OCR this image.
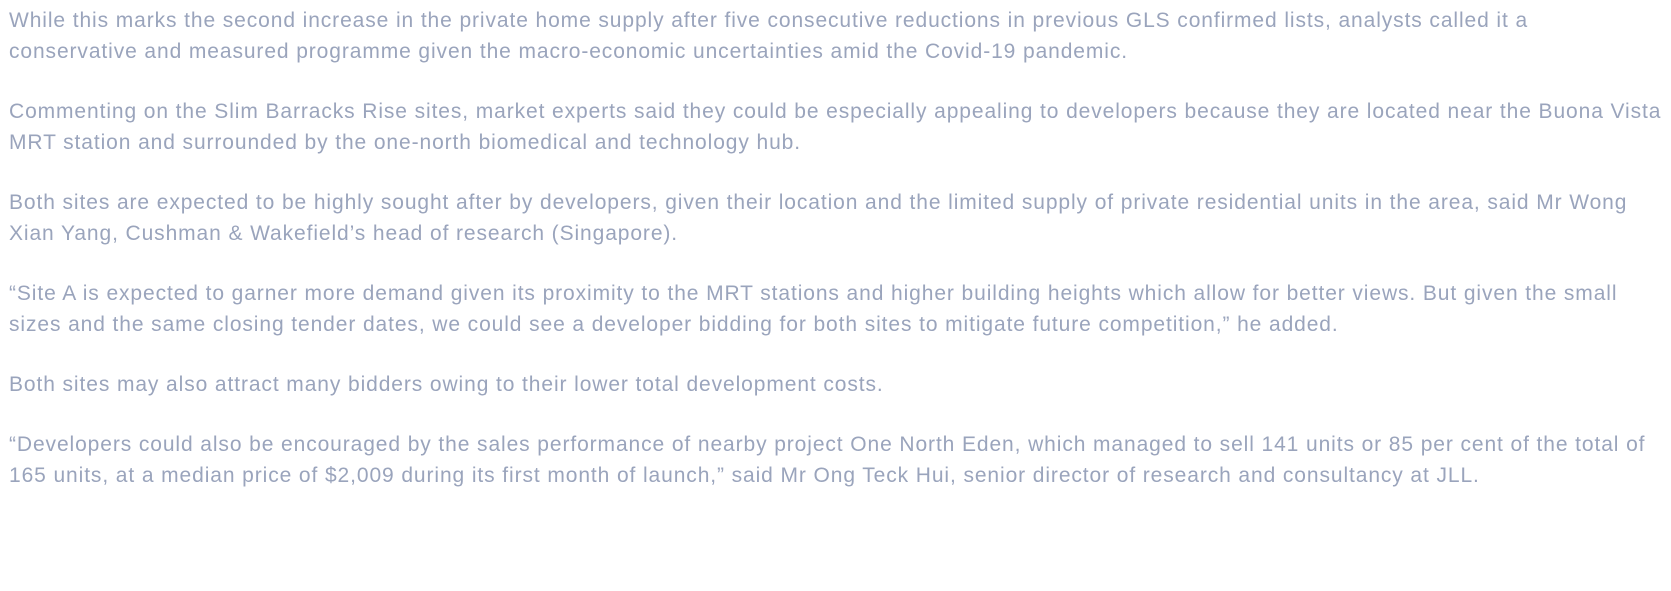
While this marks the second increase in the private home supply after five consecutive reductions in previous GLS confirmed lists, analysts called it a conservative and measured programme given the macro-economic uncertainties amid the Covid-19 pandemic.

Commenting on the Slim Barracks Rise sites, market experts said they could be especially appealing to developers because they are located near the Buona Vista MRT station and surrounded by the one-north biomedical and technology hub.

Both sites are expected to be highly sought after by developers, given their location and the limited supply of private residential units in the area, said Mr Wong Xian Yang, Cushman & Wakefield’s head of research (Singapore).

“Site A is expected to garner more demand given its proximity to the MRT stations and higher building heights which allow for better views. But given the small sizes and the same closing tender dates, we could see a developer bidding for both sites to mitigate future competition,” he added.

Both sites may also attract many bidders owing to their lower total development costs.

“Developers could also be encouraged by the sales performance of nearby project One North Eden, which managed to sell 141 units or 85 per cent of the total of 165 units, at a median price of $2,009 during its first month of launch,” said Mr Ong Teck Hui, senior director of research and consultancy at JLL.
